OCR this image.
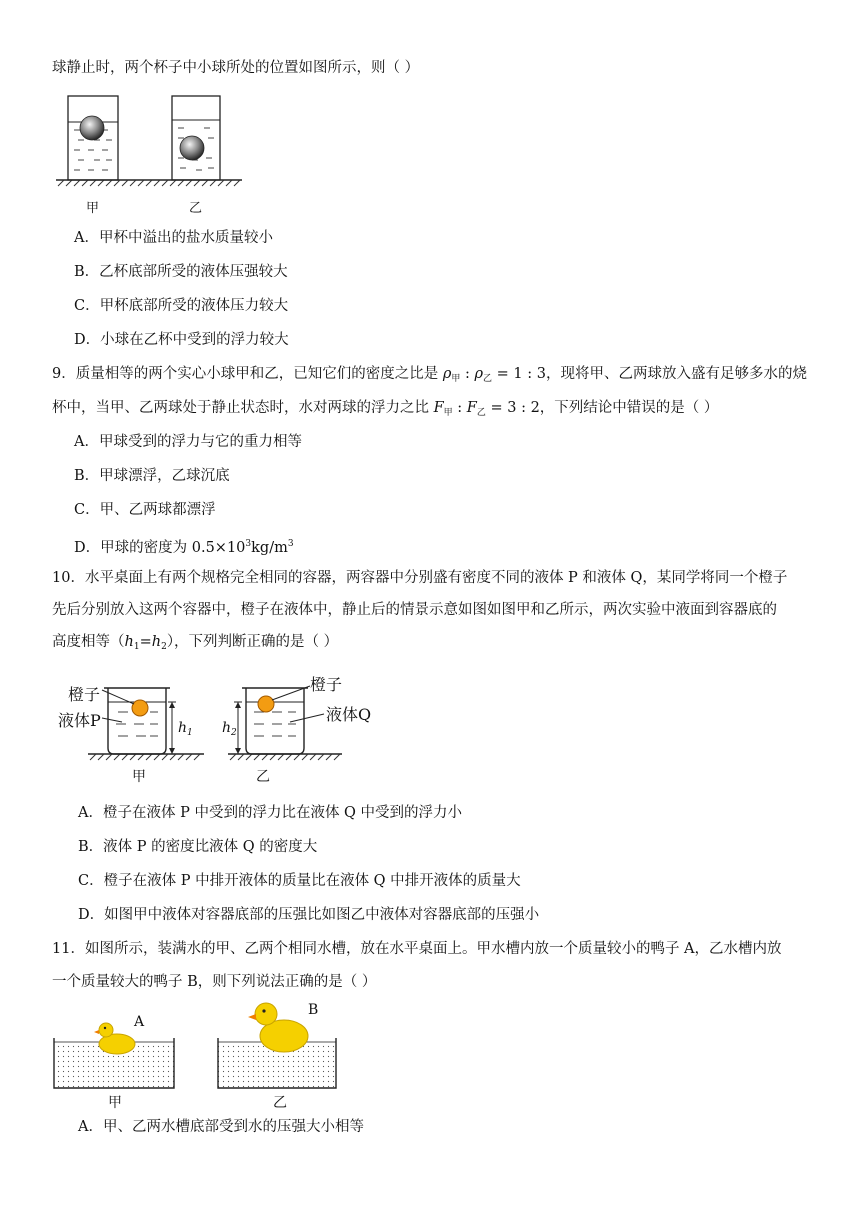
球静止时，两个杯子中小球所处的位置如图所示，则（ ）
甲	乙
A．甲杯中溢出的盐水质量较小
B．乙杯底部所受的液体压强较大
C．甲杯底部所受的液体压力较大
D．小球在乙杯中受到的浮力较大
9．质量相等的两个实心小球甲和乙，已知它们的密度之比是 $\rho_甲$ : $\rho_乙 = 1$ : 3，现将甲、乙两球放入盛有足够多水的烧
杯中，当甲、乙两球处于静止状态时，水对两球的浮力之比 $F_甲$ : $F_乙 = 3$ : 2，下列结论中错误的是（ ）
A．甲球受到的浮力与它的重力相等
B．甲球漂浮，乙球沉底
C．甲、乙两球都漂浮
D．甲球的密度为 $0.5\times 10^3kg/m^3$
10．水平桌面上有两个规格完全相同的容器，两容器中分别盛有密度不同的液体 P 和液体 Q，某同学将同一个橙子
先后分别放入这两个容器中，橙子在液体中，静止后的情景示意如图如图甲和乙所示，两次实验中液面到容器底的
高度相等$(h_1=h_2)$，下列判断正确的是（ ）
橙子
液体P	$h_1$ $h_2$
橙子
液体Q
甲	乙
A．橙子在液体 P 中受到的浮力比在液体 Q 中受到的浮力小
B．液体 P 的密度比液体 Q 的密度大
C．橙子在液体 P 中排开液体的质量比在液体 Q 中排开液体的质量大
D．如图甲中液体对容器底部的压强比如图乙中液体对容器底部的压强小
11．如图所示，装满水的甲、乙两个相同水槽，放在水平桌面上。甲水槽内放一个质量较小的鸭子 A，乙水槽内放
一个质量较大的鸭子 B，则下列说法正确的是（ ）
A
B
甲	乙
A．甲、乙两水槽底部受到水的压强大小相等
